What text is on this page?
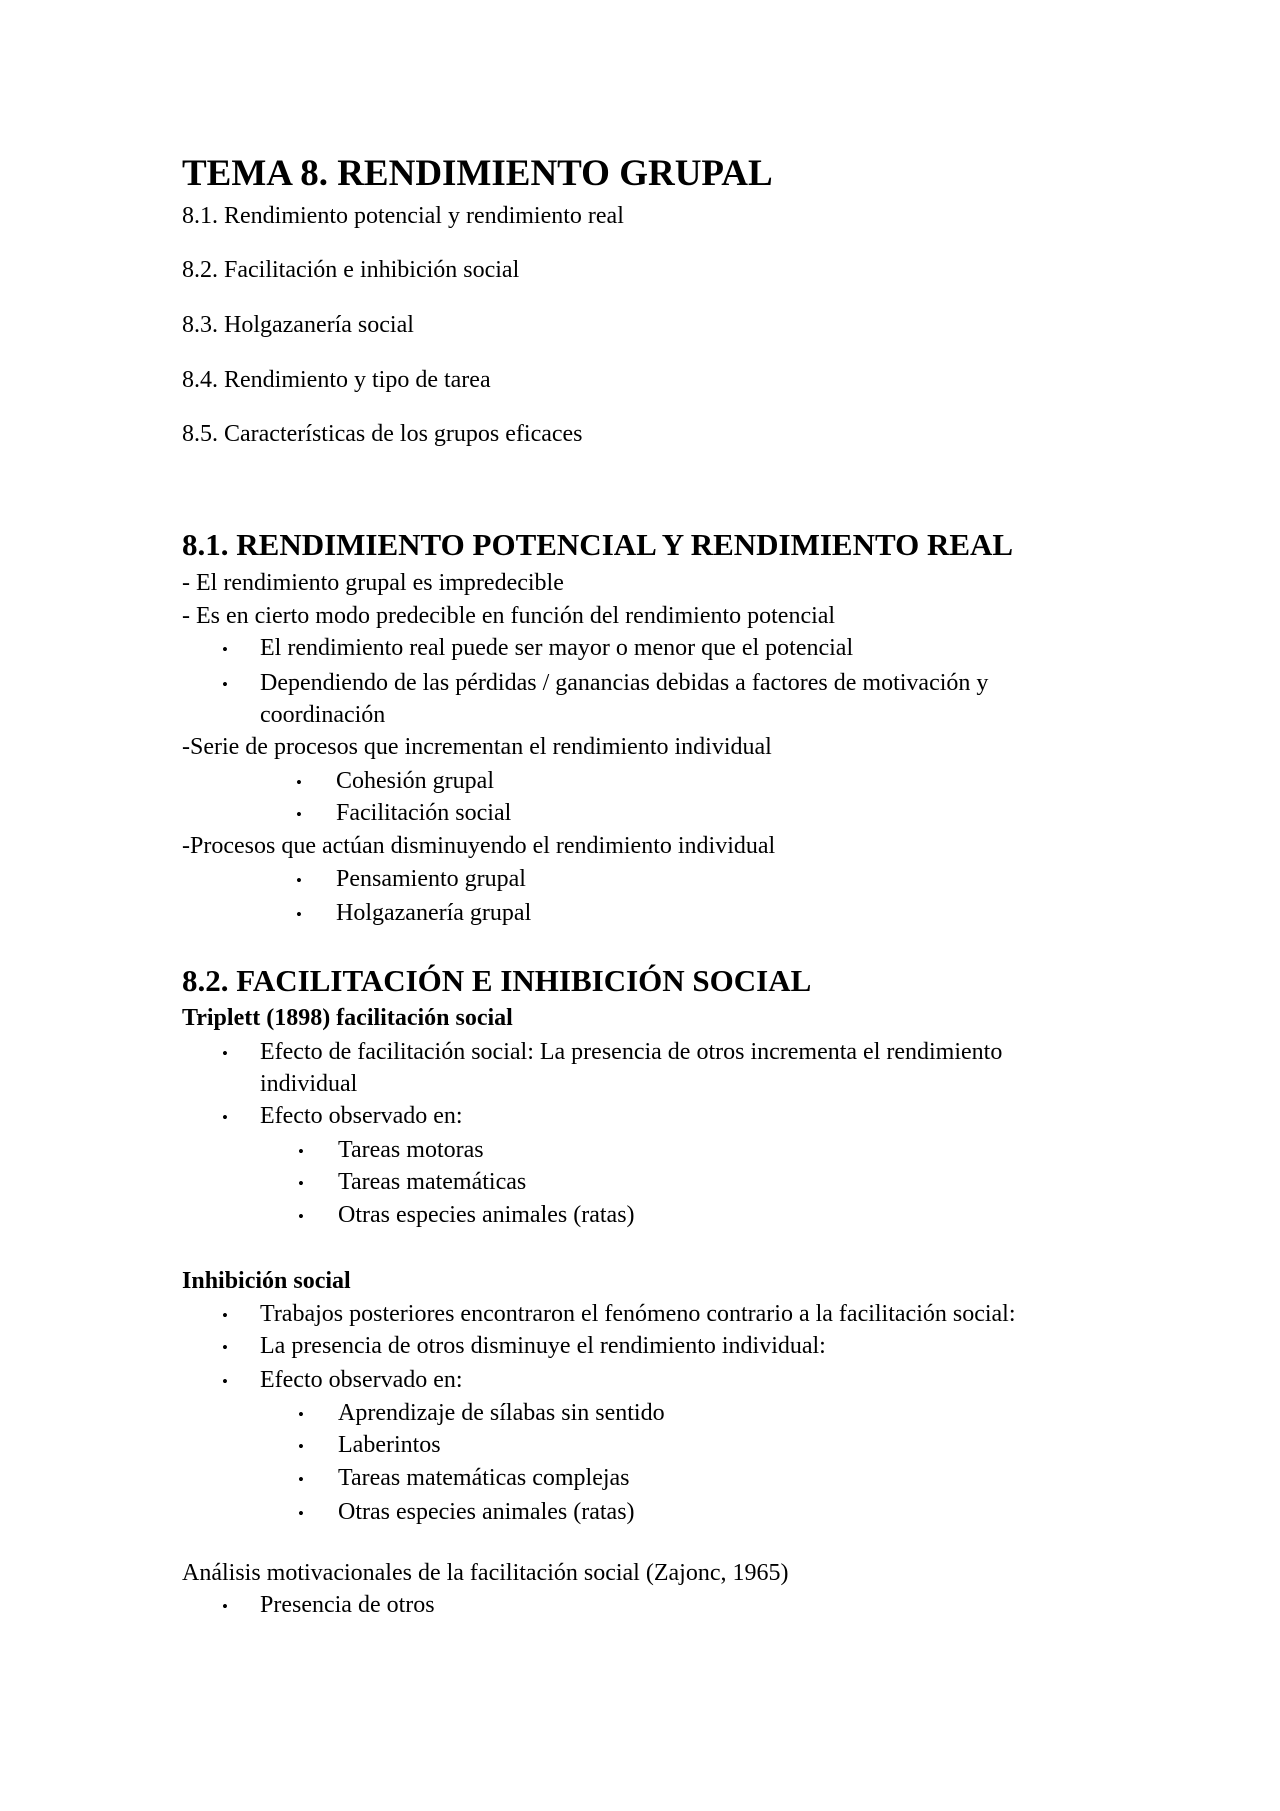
TEMA 8. RENDIMIENTO GRUPAL
8.1. Rendimiento potencial y rendimiento real
8.2. Facilitación e inhibición social
8.3. Holgazanería social
8.4. Rendimiento y tipo de tarea
8.5. Características de los grupos eficaces
8.1. RENDIMIENTO POTENCIAL Y RENDIMIENTO REAL
- El rendimiento grupal es impredecible
- Es en cierto modo predecible en función del rendimiento potencial
• El rendimiento real puede ser mayor o menor que el potencial
• Dependiendo de las pérdidas / ganancias debidas a factores de motivación y
coordinación
-Serie de procesos que incrementan el rendimiento individual
• Cohesión grupal
• Facilitación social
-Procesos que actúan disminuyendo el rendimiento individual
• Pensamiento grupal
• Holgazanería grupal
8.2. FACILITACIÓN E INHIBICIÓN SOCIAL
Triplett (1898) facilitación social
• Efecto de facilitación social: La presencia de otros incrementa el rendimiento
individual
• Efecto observado en:
• Tareas motoras
• Tareas matemáticas
• Otras especies animales (ratas)
Inhibición social
• Trabajos posteriores encontraron el fenómeno contrario a la facilitación social:
• La presencia de otros disminuye el rendimiento individual:
• Efecto observado en:
• Aprendizaje de sílabas sin sentido
• Laberintos
• Tareas matemáticas complejas
• Otras especies animales (ratas)
Análisis motivacionales de la facilitación social (Zajonc, 1965)
• Presencia de otros
